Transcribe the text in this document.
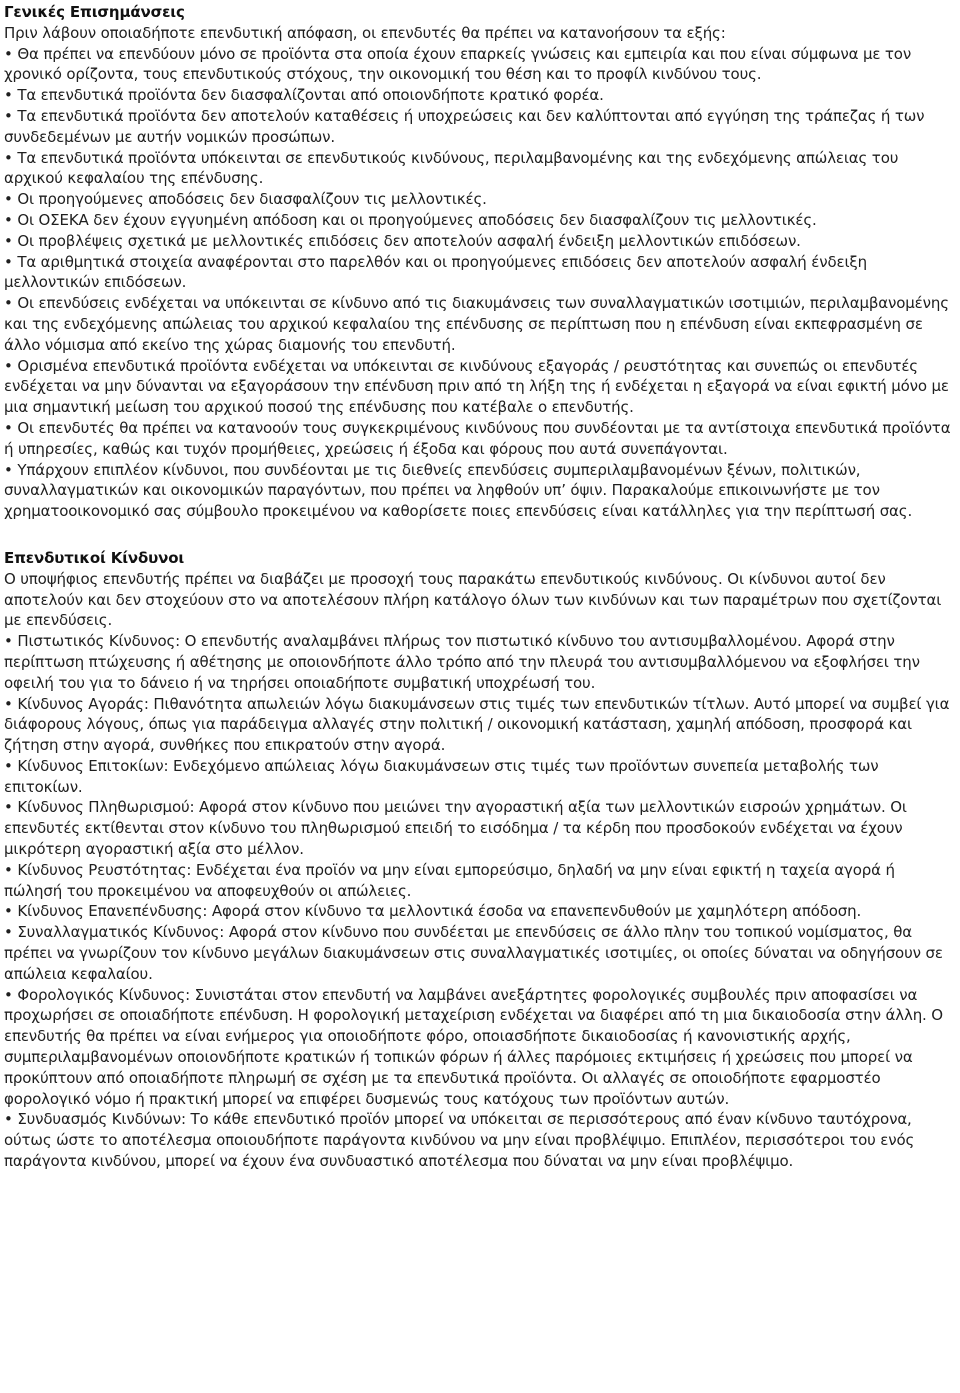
Γενικές Επισημάνσεις

Πριν λάβουν οποιαδήποτε επενδυτική απόφαση, οι επενδυτές θα πρέπει να κατανοήσουν τα εξής:

• Θα πρέπει να επενδύουν μόνο σε προϊόντα στα οποία έχουν επαρκείς γνώσεις και εμπειρία και που είναι σύμφωνα με τον χρονικό ορίζοντα, τους επενδυτικούς στόχους, την οικονομική του θέση και το προφίλ κινδύνου τους.

• Τα επενδυτικά προϊόντα δεν διασφαλίζονται από οποιονδήποτε κρατικό φορέα.

• Τα επενδυτικά προϊόντα δεν αποτελούν καταθέσεις ή υποχρεώσεις και δεν καλύπτονται από εγγύηση της τράπεζας ή των συνδεδεμένων με αυτήν νομικών προσώπων.

• Τα επενδυτικά προϊόντα υπόκεινται σε επενδυτικούς κινδύνους, περιλαμβανομένης και της ενδεχόμενης απώλειας του αρχικού κεφαλαίου της επένδυσης.

• Οι προηγούμενες αποδόσεις δεν διασφαλίζουν τις μελλοντικές.

• Οι ΟΣΕΚΑ δεν έχουν εγγυημένη απόδοση και οι προηγούμενες αποδόσεις δεν διασφαλίζουν τις μελλοντικές.

• Οι προβλέψεις σχετικά με μελλοντικές επιδόσεις δεν αποτελούν ασφαλή ένδειξη μελλοντικών επιδόσεων.

• Τα αριθμητικά στοιχεία αναφέρονται στο παρελθόν και οι προηγούμενες επιδόσεις δεν αποτελούν ασφαλή ένδειξη μελλοντικών επιδόσεων.

• Οι επενδύσεις ενδέχεται να υπόκεινται σε κίνδυνο από τις διακυμάνσεις των συναλλαγματικών ισοτιμιών, περιλαμβανομένης και της ενδεχόμενης απώλειας του αρχικού κεφαλαίου της επένδυσης σε περίπτωση που η επένδυση είναι εκπεφρασμένη σε άλλο νόμισμα από εκείνο της χώρας διαμονής του επενδυτή.

• Ορισμένα επενδυτικά προϊόντα ενδέχεται να υπόκεινται σε κινδύνους εξαγοράς / ρευστότητας και συνεπώς οι επενδυτές ενδέχεται να μην δύνανται να εξαγοράσουν την επένδυση πριν από τη λήξη της ή ενδέχεται η εξαγορά να είναι εφικτή μόνο με μια σημαντική μείωση του αρχικού ποσού της επένδυσης που κατέβαλε ο επενδυτής.

• Οι επενδυτές θα πρέπει να κατανοούν τους συγκεκριμένους κινδύνους που συνδέονται με τα αντίστοιχα επενδυτικά προϊόντα ή υπηρεσίες, καθώς και τυχόν προμήθειες, χρεώσεις ή έξοδα και φόρους που αυτά συνεπάγονται.

• Υπάρχουν επιπλέον κίνδυνοι, που συνδέονται με τις διεθνείς επενδύσεις συμπεριλαμβανομένων ξένων, πολιτικών, συναλλαγματικών και οικονομικών παραγόντων, που πρέπει να ληφθούν υπ’ όψιν. Παρακαλούμε επικοινωνήστε με τον χρηματοοικονομικό σας σύμβουλο προκειμένου να καθορίσετε ποιες επενδύσεις είναι κατάλληλες για την περίπτωσή σας.

Επενδυτικοί Κίνδυνοι

Ο υποψήφιος επενδυτής πρέπει να διαβάζει με προσοχή τους παρακάτω επενδυτικούς κινδύνους. Οι κίνδυνοι αυτοί δεν αποτελούν και δεν στοχεύουν στο να αποτελέσουν πλήρη κατάλογο όλων των κινδύνων και των παραμέτρων που σχετίζονται με επενδύσεις.

• Πιστωτικός Κίνδυνος: Ο επενδυτής αναλαμβάνει πλήρως τον πιστωτικό κίνδυνο του αντισυμβαλλομένου. Αφορά στην περίπτωση πτώχευσης ή αθέτησης με οποιονδήποτε άλλο τρόπο από την πλευρά του αντισυμβαλλόμενου να εξοφλήσει την οφειλή του για το δάνειο ή να τηρήσει οποιαδήποτε συμβατική υποχρέωσή του.

• Κίνδυνος Αγοράς: Πιθανότητα απωλειών λόγω διακυμάνσεων στις τιμές των επενδυτικών τίτλων. Αυτό μπορεί να συμβεί για διάφορους λόγους, όπως για παράδειγμα αλλαγές στην πολιτική / οικονομική κατάσταση, χαμηλή απόδοση, προσφορά και ζήτηση στην αγορά, συνθήκες που επικρατούν στην αγορά.

• Κίνδυνος Επιτοκίων: Ενδεχόμενο απώλειας λόγω διακυμάνσεων στις τιμές των προϊόντων συνεπεία μεταβολής των επιτοκίων.

• Κίνδυνος Πληθωρισμού: Αφορά στον κίνδυνο που μειώνει την αγοραστική αξία των μελλοντικών εισροών χρημάτων. Οι επενδυτές εκτίθενται στον κίνδυνο του πληθωρισμού επειδή το εισόδημα / τα κέρδη που προσδοκούν ενδέχεται να έχουν μικρότερη αγοραστική αξία στο μέλλον.

• Κίνδυνος Ρευστότητας: Ενδέχεται ένα προϊόν να μην είναι εμπορεύσιμο, δηλαδή να μην είναι εφικτή η ταχεία αγορά ή πώλησή του προκειμένου να αποφευχθούν οι απώλειες.

• Κίνδυνος Επανεπένδυσης: Αφορά στον κίνδυνο τα μελλοντικά έσοδα να επανεπενδυθούν με χαμηλότερη απόδοση.

• Συναλλαγματικός Κίνδυνος: Αφορά στον κίνδυνο που συνδέεται με επενδύσεις σε άλλο πλην του τοπικού νομίσματος, θα πρέπει να γνωρίζουν τον κίνδυνο μεγάλων διακυμάνσεων στις συναλλαγματικές ισοτιμίες, οι οποίες δύναται να οδηγήσουν σε απώλεια κεφαλαίου.

• Φορολογικός Κίνδυνος: Συνιστάται στον επενδυτή να λαμβάνει ανεξάρτητες φορολογικές συμβουλές πριν αποφασίσει να προχωρήσει σε οποιαδήποτε επένδυση. Η φορολογική μεταχείριση ενδέχεται να διαφέρει από τη μια δικαιοδοσία στην άλλη. Ο επενδυτής θα πρέπει να είναι ενήμερος για οποιοδήποτε φόρο, οποιασδήποτε δικαιοδοσίας ή κανονιστικής αρχής, συμπεριλαμβανομένων οποιονδήποτε κρατικών ή τοπικών φόρων ή άλλες παρόμοιες εκτιμήσεις ή χρεώσεις που μπορεί να προκύπτουν από οποιαδήποτε πληρωμή σε σχέση με τα επενδυτικά προϊόντα. Οι αλλαγές σε οποιοδήποτε εφαρμοστέο φορολογικό νόμο ή πρακτική μπορεί να επιφέρει δυσμενώς τους κατόχους των προϊόντων αυτών.

• Συνδυασμός Κινδύνων: Το κάθε επενδυτικό προϊόν μπορεί να υπόκειται σε περισσότερους από έναν κίνδυνο ταυτόχρονα, ούτως ώστε το αποτέλεσμα οποιουδήποτε παράγοντα κινδύνου να μην είναι προβλέψιμο. Επιπλέον, περισσότεροι του ενός παράγοντα κινδύνου, μπορεί να έχουν ένα συνδυαστικό αποτέλεσμα που δύναται να μην είναι προβλέψιμο.
